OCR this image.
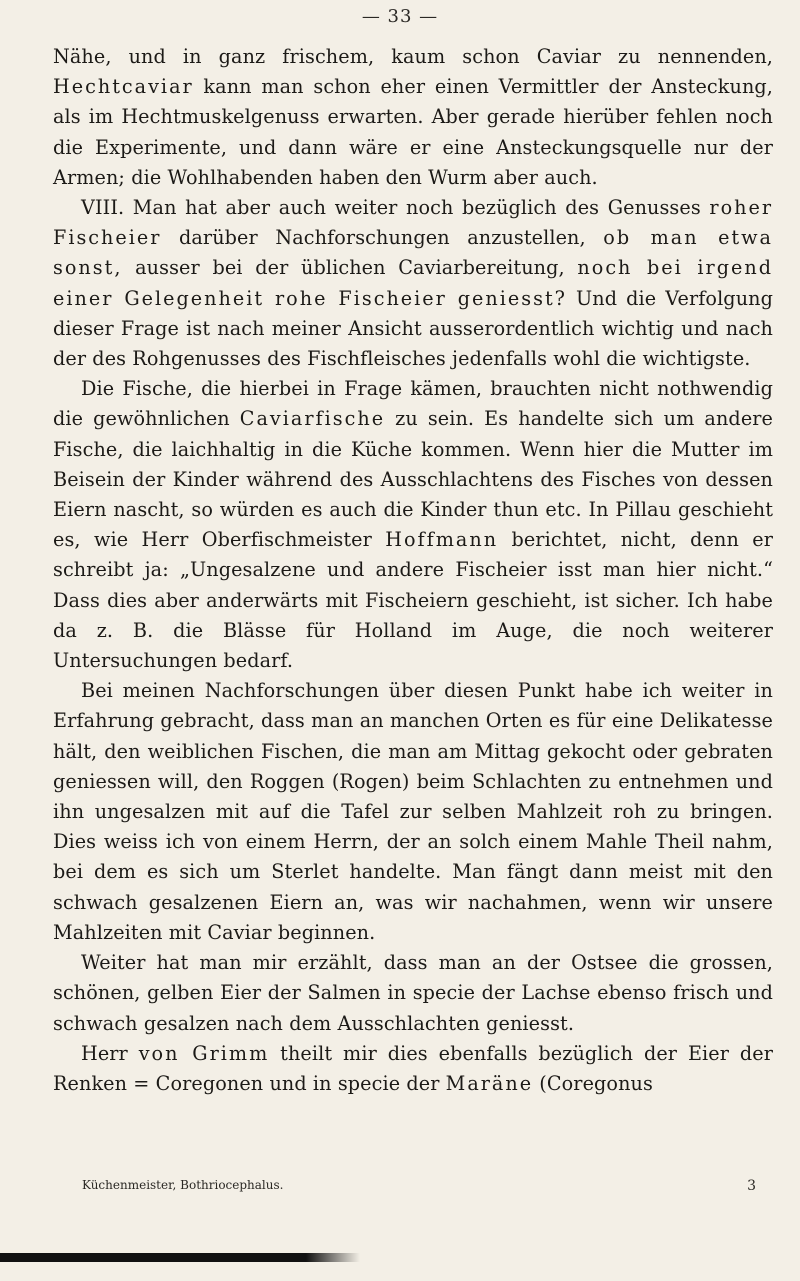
— 33 —

Nähe, und in ganz frischem, kaum schon Caviar zu nennenden, Hechtcaviar kann man schon eher einen Vermittler der Ansteckung, als im Hechtmuskelgenuss erwarten. Aber gerade hierüber fehlen noch die Experimente, und dann wäre er eine Ansteckungsquelle nur der Armen; die Wohlhabenden haben den Wurm aber auch.

VIII. Man hat aber auch weiter noch bezüglich des Genusses roher Fischeier darüber Nachforschungen anzustellen, ob man etwa sonst, ausser bei der üblichen Caviarbereitung, noch bei irgend einer Gelegenheit rohe Fischeier geniesst? Und die Verfolgung dieser Frage ist nach meiner Ansicht ausserordentlich wichtig und nach der des Rohgenusses des Fischfleisches jedenfalls wohl die wichtigste.

Die Fische, die hierbei in Frage kämen, brauchten nicht nothwendig die gewöhnlichen Caviarfische zu sein. Es handelte sich um andere Fische, die laichhaltig in die Küche kommen. Wenn hier die Mutter im Beisein der Kinder während des Ausschlachtens des Fisches von dessen Eiern nascht, so würden es auch die Kinder thun etc. In Pillau geschieht es, wie Herr Oberfischmeister Hoffmann berichtet, nicht, denn er schreibt ja: „Ungesalzene und andere Fischeier isst man hier nicht.“ Dass dies aber anderwärts mit Fischeiern geschieht, ist sicher. Ich habe da z. B. die Blässe für Holland im Auge, die noch weiterer Untersuchungen bedarf.

Bei meinen Nachforschungen über diesen Punkt habe ich weiter in Erfahrung gebracht, dass man an manchen Orten es für eine Delikatesse hält, den weiblichen Fischen, die man am Mittag gekocht oder gebraten geniessen will, den Roggen (Rogen) beim Schlachten zu entnehmen und ihn ungesalzen mit auf die Tafel zur selben Mahlzeit roh zu bringen. Dies weiss ich von einem Herrn, der an solch einem Mahle Theil nahm, bei dem es sich um Sterlet handelte. Man fängt dann meist mit den schwach gesalzenen Eiern an, was wir nachahmen, wenn wir unsere Mahlzeiten mit Caviar beginnen.

Weiter hat man mir erzählt, dass man an der Ostsee die grossen, schönen, gelben Eier der Salmen in specie der Lachse ebenso frisch und schwach gesalzen nach dem Ausschlachten geniesst.

Herr von Grimm theilt mir dies ebenfalls bezüglich der Eier der Renken = Coregonen und in specie der Maräne (Coregonus

Küchenmeister, Bothriocephalus.	3
